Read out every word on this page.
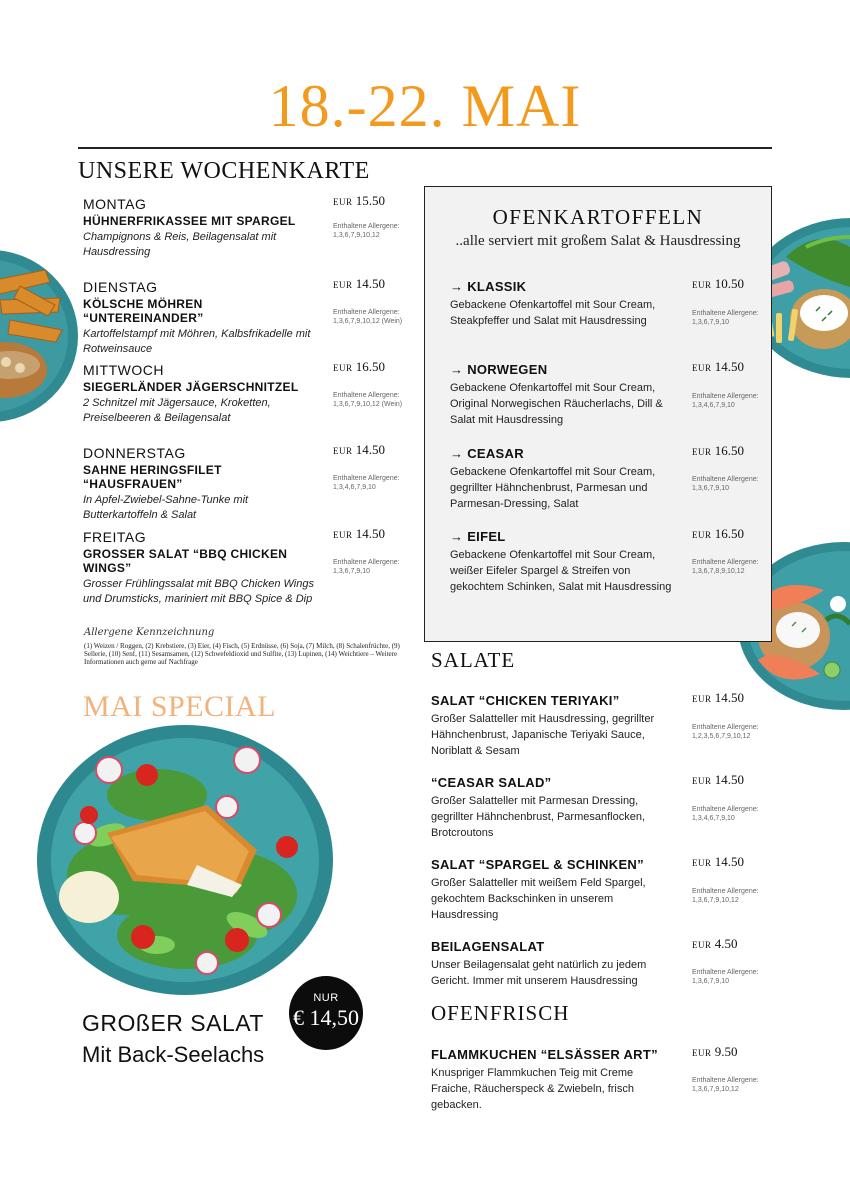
18.-22. MAI
UNSERE WOCHENKARTE
MONTAG
HÜHNERFRIKASSEE MIT SPARGEL
Champignons & Reis, Beilagensalat mit Hausdressing
EUR 15.50
Enthaltene Allergene:
1,3,6,7,9,10,12
DIENSTAG
KÖLSCHE MÖHREN “UNTEREINANDER”
Kartoffelstampf mit Möhren, Kalbsfrikadelle mit Rotweinsauce
EUR 14.50
Enthaltene Allergene:
1,3,6,7,9,10,12 (Wein)
MITTWOCH
SIEGERLÄNDER JÄGERSCHNITZEL
2 Schnitzel mit Jägersauce, Kroketten, Preiselbeeren & Beilagensalat
EUR 16.50
Enthaltene Allergene:
1,3,6,7,9,10,12 (Wein)
DONNERSTAG
SAHNE HERINGSFILET “HAUSFRAUEN”
In Apfel-Zwiebel-Sahne-Tunke mit Butterkartoffeln & Salat
EUR 14.50
Enthaltene Allergene:
1,3,4,6,7,9,10
FREITAG
GROSSER SALAT “BBQ CHICKEN WINGS”
Grosser Frühlingssalat mit BBQ Chicken Wings und Drumsticks, mariniert mit BBQ Spice & Dip
EUR 14.50
Enthaltene Allergene:
1,3,6,7,9,10
Allergene Kennzeichnung
(1) Weizen / Roggen, (2) Krebstiere, (3) Eier, (4) Fisch, (5) Erdnüsse, (6) Soja, (7) Milch, (8) Schalenfrüchte, (9) Sellerie, (10) Senf, (11) Sesamsamen, (12) Schwefeldioxid und Sulfite, (13) Lupinen, (14) Weichtiere – Weitere Informationen auch gerne auf Nachfrage
OFENKARTOFFELN
..alle serviert mit großem Salat & Hausdressing
→ KLASSIK
Gebackene Ofenkartoffel mit Sour Cream, Steakpfeffer und Salat mit Hausdressing
EUR 10.50
Enthaltene Allergene:
1,3,6,7,9,10
→ NORWEGEN
Gebackene Ofenkartoffel mit Sour Cream, Original Norwegischen Räucherlachs, Dill & Salat mit Hausdressing
EUR 14.50
Enthaltene Allergene:
1,3,4,6,7,9,10
→ CEASAR
Gebackene Ofenkartoffel mit Sour Cream, gegrillter Hähnchenbrust, Parmesan und Parmesan-Dressing, Salat
EUR 16.50
Enthaltene Allergene:
1,3,6,7,9,10
→ EIFEL
Gebackene Ofenkartoffel mit Sour Cream, weißer Eifeler Spargel & Streifen von gekochtem Schinken, Salat mit Hausdressing
EUR 16.50
Enthaltene Allergene:
1,3,6,7,8,9,10,12
SALATE
SALAT “CHICKEN TERIYAKI”
Großer Salatteller mit Hausdressing, gegrillter Hähnchenbrust, Japanische Teriyaki Sauce, Noriblatt & Sesam
EUR 14.50
Enthaltene Allergene:
1,2,3,5,6,7,9,10,12
“CEASAR SALAD”
Großer Salatteller mit Parmesan Dressing, gegrillter Hähnchenbrust, Parmesanflocken, Brotcroutons
EUR 14.50
Enthaltene Allergene:
1,3,4,6,7,9,10
SALAT “SPARGEL & SCHINKEN”
Großer Salatteller mit weißem Feld Spargel, gekochtem Backschinken in unserem Hausdressing
EUR 14.50
Enthaltene Allergene:
1,3,6,7,9,10,12
BEILAGENSALAT
Unser Beilagensalat geht natürlich zu jedem Gericht. Immer mit unserem Hausdressing
EUR 4.50
Enthaltene Allergene:
1,3,6,7,9,10
OFENFRISCH
FLAMMKUCHEN “ELSÄSSER ART”
Knuspriger Flammkuchen Teig mit Creme Fraiche, Räucherspeck & Zwiebeln, frisch gebacken.
EUR 9.50
Enthaltene Allergene:
1,3,6,7,9,10,12
MAI SPECIAL
GROßER SALAT
Mit Back-Seelachs
NUR
€ 14,50
